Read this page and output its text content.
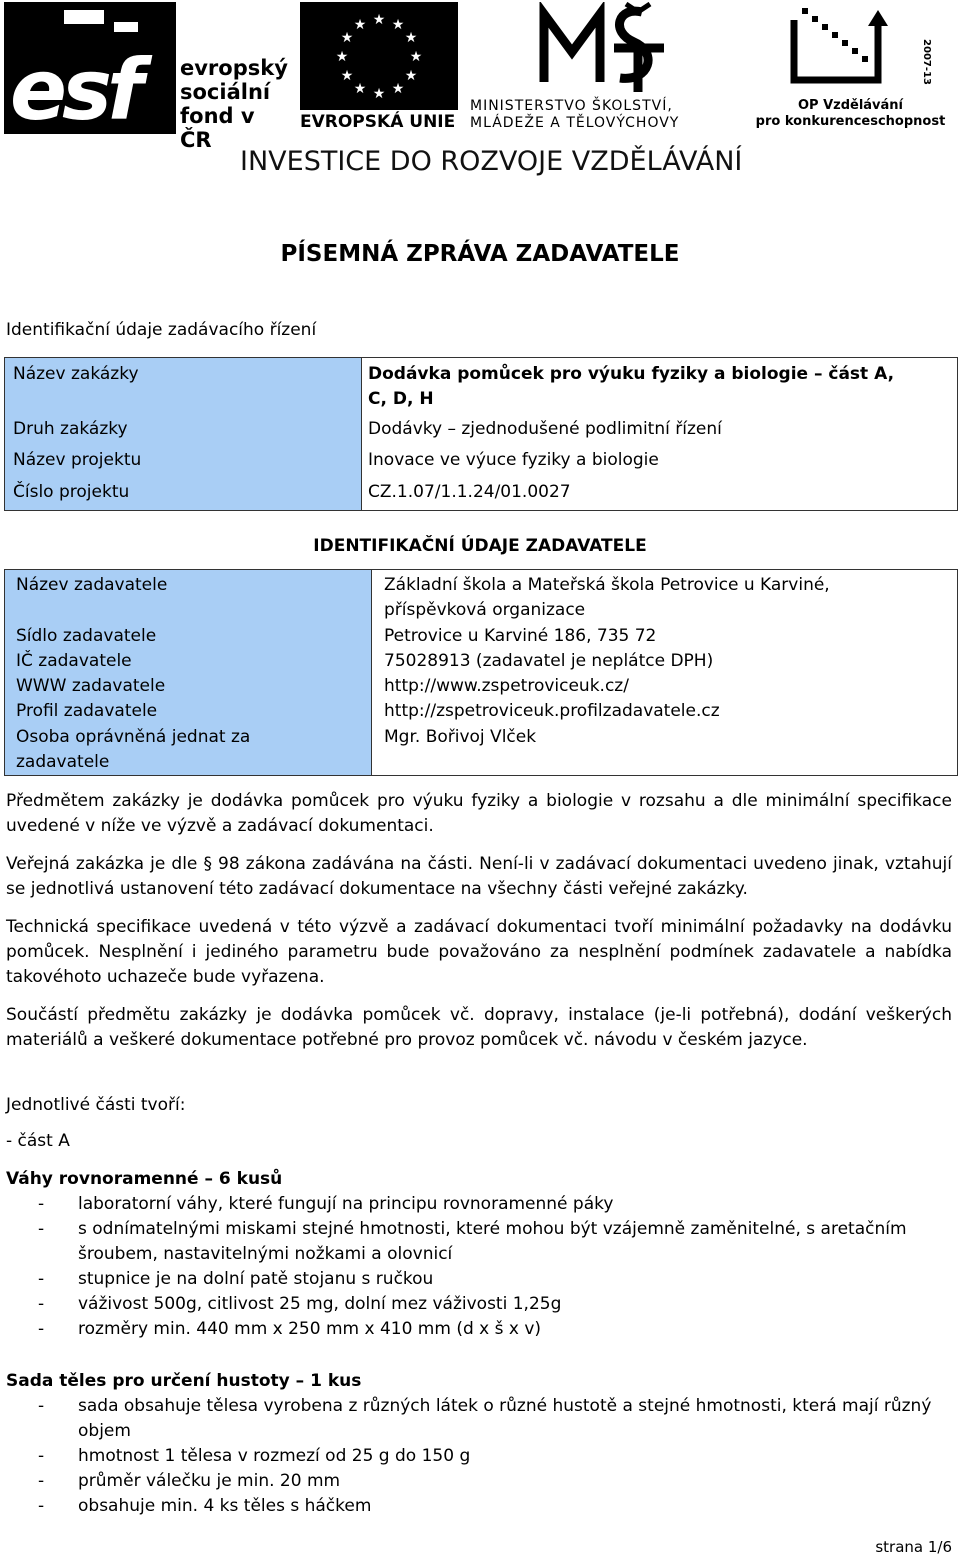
esf evropský
sociální
fond v ČR
★ ★
★
★
★
★
★
★
★
★
★
★
EVROPSKÁ UNIE
MINISTERSTVO ŠKOLSTVÍ,
MLÁDEŽE A TĚLOVÝCHOVY
2007-13
OP Vzdělávání
pro konkurenceschopnost
INVESTICE DO ROZVOJE VZDĚLÁVÁNÍ
PÍSEMNÁ ZPRÁVA ZADAVATELE
Identifikační údaje zadávacího řízení
Název zakázky
Druh zakázky
Název projektu
Číslo projektu
Dodávka pomůcek pro výuku fyziky a biologie – část A,
C, D, H
Dodávky – zjednodušené podlimitní řízení
Inovace ve výuce fyziky a biologie
CZ.1.07/1.1.24/01.0027
IDENTIFIKAČNÍ ÚDAJE ZADAVATELE
Název zadavatele
Sídlo zadavatele
IČ zadavatele
WWW zadavatele
Profil zadavatele
Osoba oprávněná jednat za
zadavatele
Základní škola a Mateřská škola Petrovice u Karviné,
příspěvková organizace
Petrovice u Karviné 186, 735 72
75028913 (zadavatel je neplátce DPH)
http://www.zspetroviceuk.cz/
http://zspetroviceuk.profilzadavatele.cz
Mgr. Bořivoj Vlček
Předmětem zakázky je dodávka pomůcek pro výuku fyziky a biologie v rozsahu a dle minimální specifikace uvedené v níže ve výzvě a zadávací dokumentaci.
Veřejná zakázka je dle § 98 zákona zadávána na části. Není-li v zadávací dokumentaci uvedeno jinak, vztahují se jednotlivá ustanovení této zadávací dokumentace na všechny části veřejné zakázky.
Technická specifikace uvedená v této výzvě a zadávací dokumentaci tvoří minimální požadavky na dodávku pomůcek. Nesplnění i jediného parametru bude považováno za nesplnění podmínek zadavatele a nabídka takovéhoto uchazeče bude vyřazena.
Součástí předmětu zakázky je dodávka pomůcek vč. dopravy, instalace (je-li potřebná), dodání veškerých materiálů a veškeré dokumentace potřebné pro provoz pomůcek vč. návodu v českém jazyce.
Jednotlivé části tvoří:
- část A
Váhy rovnoramenné – 6 kusů
- laboratorní váhy, které fungují na principu rovnoramenné páky
- s odnímatelnými miskami stejné hmotnosti, které mohou být vzájemně zaměnitelné, s aretačním šroubem, nastavitelnými nožkami a olovnicí
- stupnice je na dolní patě stojanu s ručkou
- váživost 500g, citlivost 25 mg, dolní mez váživosti 1,25g
- rozměry min. 440 mm x 250 mm x 410 mm (d x š x v)
Sada těles pro určení hustoty – 1 kus
- sada obsahuje tělesa vyrobena z různých látek o různé hustotě a stejné hmotnosti, která mají různý objem
- hmotnost 1 tělesa v rozmezí od 25 g do 150 g
- průměr válečku je min. 20 mm
- obsahuje min. 4 ks těles s háčkem
strana 1/6
